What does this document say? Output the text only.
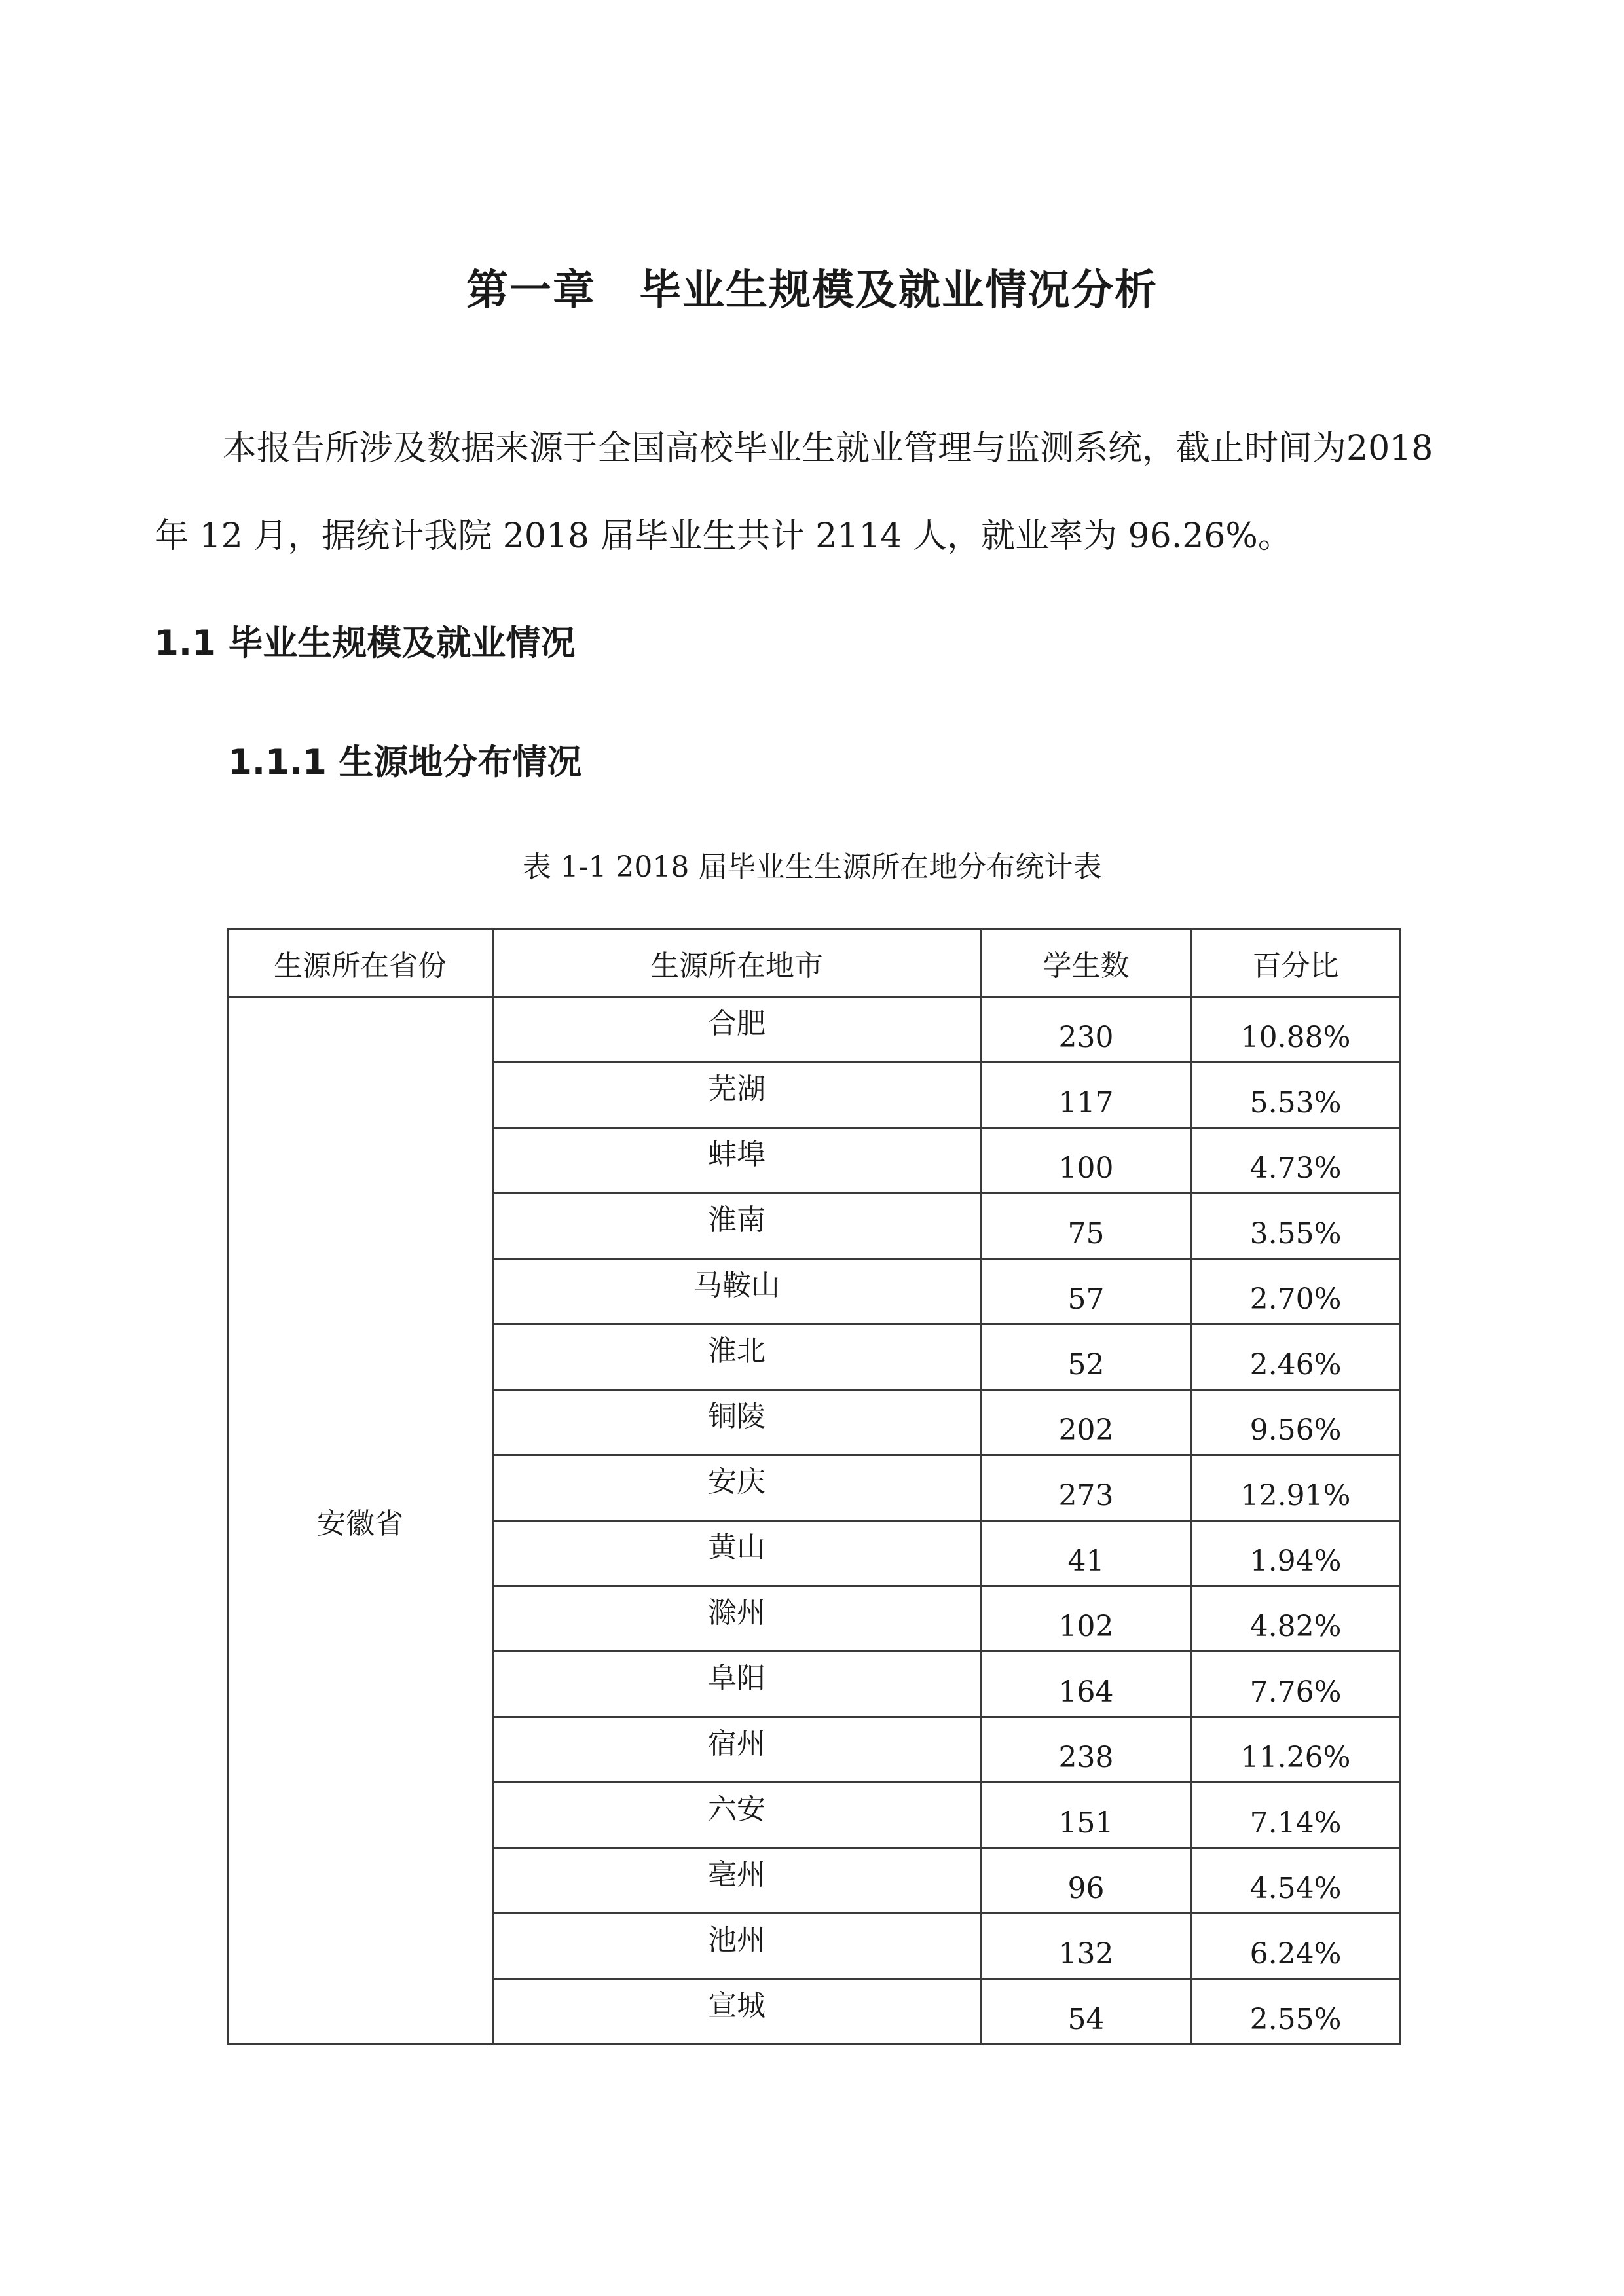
第一章　毕业生规模及就业情况分析

本报告所涉及数据来源于全国高校毕业生就业管理与监测系统，截止时间为2018 年 12 月，据统计我院 2018 届毕业生共计 2114 人，就业率为 96.26%。

1.1 毕业生规模及就业情况
1.1.1 生源地分布情况
表 1-1 2018 届毕业生生源所在地分布统计表
生源所在省份	生源所在地市	学生数	百分比
安徽省	合肥	230	10.88%
	芜湖	117	5.53%
	蚌埠	100	4.73%
	淮南	75	3.55%
	马鞍山	57	2.70%
	淮北	52	2.46%
	铜陵	202	9.56%
	安庆	273	12.91%
	黄山	41	1.94%
	滁州	102	4.82%
	阜阳	164	7.76%
	宿州	238	11.26%
	六安	151	7.14%
	亳州	96	4.54%
	池州	132	6.24%
	宣城	54	2.55%
